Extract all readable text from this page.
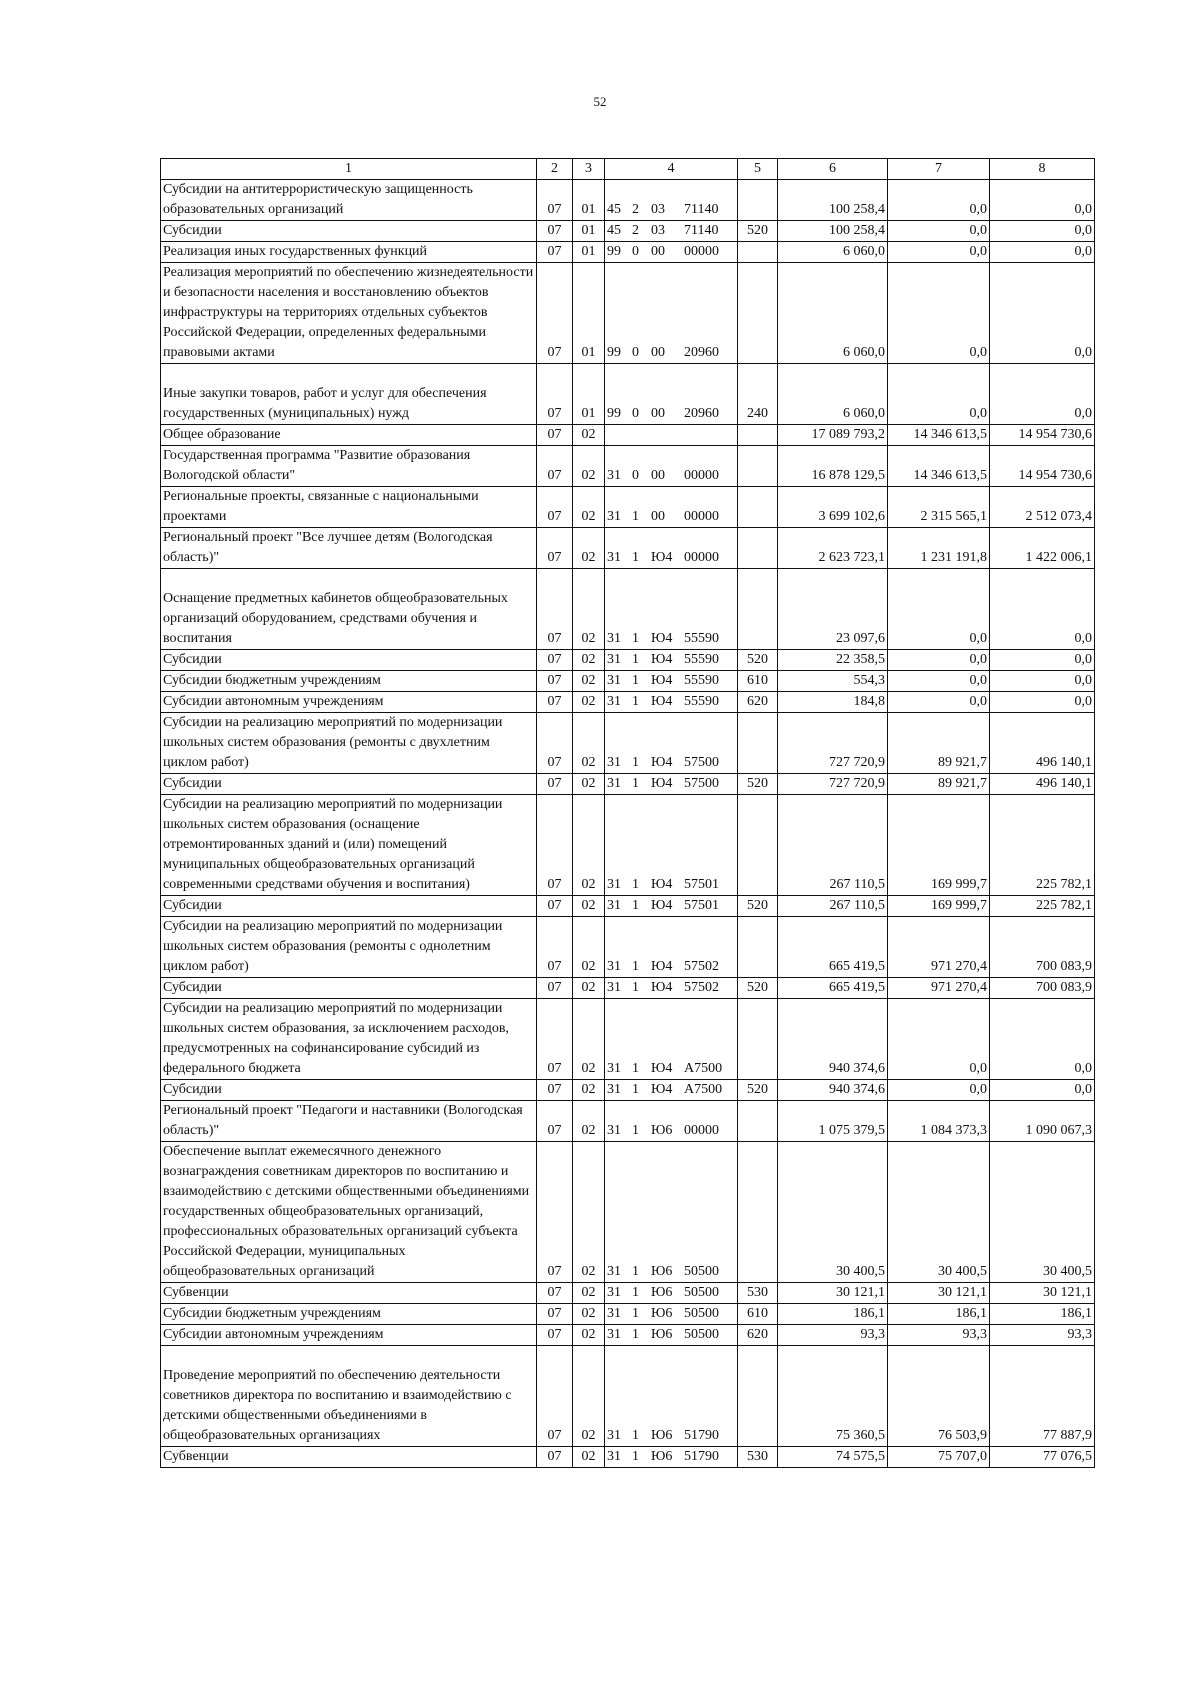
52
1	2	3	4	5	6	7	8
Субсидии на антитеррористическую защищенность образовательных организаций	07	01	45 2 03 71140		100 258,4	0,0	0,0
Субсидии	07	01	45 2 03 71140	520	100 258,4	0,0	0,0
Реализация иных государственных функций	07	01	99 0 00 00000		6 060,0	0,0	0,0
Реализация мероприятий по обеспечению жизнедеятельности и безопасности населения и восстановлению объектов инфраструктуры на территориях отдельных субъектов Российской Федерации, определенных федеральными правовыми актами	07	01	99 0 00 20960		6 060,0	0,0	0,0
Иные закупки товаров, работ и услуг для обеспечения государственных (муниципальных) нужд	07	01	99 0 00 20960	240	6 060,0	0,0	0,0
Общее образование	07	02			17 089 793,2	14 346 613,5	14 954 730,6
Государственная программа "Развитие образования Вологодской области"	07	02	31 0 00 00000		16 878 129,5	14 346 613,5	14 954 730,6
Региональные проекты, связанные с национальными проектами	07	02	31 1 00 00000		3 699 102,6	2 315 565,1	2 512 073,4
Региональный проект "Все лучшее детям (Вологодская область)"	07	02	31 1 Ю4 00000		2 623 723,1	1 231 191,8	1 422 006,1
Оснащение предметных кабинетов общеобразовательных организаций оборудованием, средствами обучения и воспитания	07	02	31 1 Ю4 55590		23 097,6	0,0	0,0
Субсидии	07	02	31 1 Ю4 55590	520	22 358,5	0,0	0,0
Субсидии бюджетным учреждениям	07	02	31 1 Ю4 55590	610	554,3	0,0	0,0
Субсидии автономным учреждениям	07	02	31 1 Ю4 55590	620	184,8	0,0	0,0
Субсидии на реализацию мероприятий по модернизации школьных систем образования (ремонты с двухлетним циклом работ)	07	02	31 1 Ю4 57500		727 720,9	89 921,7	496 140,1
Субсидии	07	02	31 1 Ю4 57500	520	727 720,9	89 921,7	496 140,1
Субсидии на реализацию мероприятий по модернизации школьных систем образования (оснащение отремонтированных зданий и (или) помещений муниципальных общеобразовательных организаций современными средствами обучения и воспитания)	07	02	31 1 Ю4 57501		267 110,5	169 999,7	225 782,1
Субсидии	07	02	31 1 Ю4 57501	520	267 110,5	169 999,7	225 782,1
Субсидии на реализацию мероприятий по модернизации школьных систем образования (ремонты с однолетним циклом работ)	07	02	31 1 Ю4 57502		665 419,5	971 270,4	700 083,9
Субсидии	07	02	31 1 Ю4 57502	520	665 419,5	971 270,4	700 083,9
Субсидии на реализацию мероприятий по модернизации школьных систем образования, за исключением расходов, предусмотренных на софинансирование субсидий из федерального бюджета	07	02	31 1 Ю4 А7500		940 374,6	0,0	0,0
Субсидии	07	02	31 1 Ю4 А7500	520	940 374,6	0,0	0,0
Региональный проект "Педагоги и наставники (Вологодская область)"	07	02	31 1 Ю6 00000		1 075 379,5	1 084 373,3	1 090 067,3
Обеспечение выплат ежемесячного денежного вознаграждения советникам директоров по воспитанию и взаимодействию с детскими общественными объединениями государственных общеобразовательных организаций, профессиональных образовательных организаций субъекта Российской Федерации, муниципальных общеобразовательных организаций	07	02	31 1 Ю6 50500		30 400,5	30 400,5	30 400,5
Субвенции	07	02	31 1 Ю6 50500	530	30 121,1	30 121,1	30 121,1
Субсидии бюджетным учреждениям	07	02	31 1 Ю6 50500	610	186,1	186,1	186,1
Субсидии автономным учреждениям	07	02	31 1 Ю6 50500	620	93,3	93,3	93,3
Проведение мероприятий по обеспечению деятельности советников директора по воспитанию и взаимодействию с детскими общественными объединениями в общеобразовательных организациях	07	02	31 1 Ю6 51790		75 360,5	76 503,9	77 887,9
Субвенции	07	02	31 1 Ю6 51790	530	74 575,5	75 707,0	77 076,5
